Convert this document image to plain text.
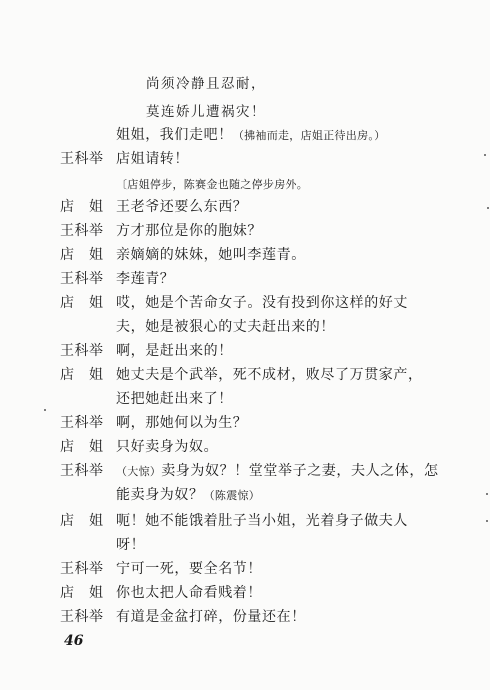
尚须冷静且忍耐，
莫连娇儿遭祸灾！
姐姐，我们走吧！（拂袖而走，店姐正待出房。）
王科举 店姐请转！
〔店姐停步，陈赛金也随之停步房外。
店　姐 王老爷还要么东西？
王科举 方才那位是你的胞妹？
店　姐 亲嫡嫡的妹妹，她叫李莲青。
王科举 李莲青？
店　姐 哎，她是个苦命女子。没有投到你这样的好丈
夫，她是被狠心的丈夫赶出来的！
王科举 啊，是赶出来的！
店　姐 她丈夫是个武举，死不成材，败尽了万贯家产，
还把她赶出来了！
王科举 啊，那她何以为生？
店　姐 只好卖身为奴。
王科举 （大惊）卖身为奴？！堂堂举子之妻，夫人之体，怎
能卖身为奴？（陈震惊）
店　姐 呃！她不能饿着肚子当小姐，光着身子做夫人
呀！
王科举 宁可一死，要全名节！
店　姐 你也太把人命看贱着！
王科举 有道是金盆打碎，份量还在！
46
